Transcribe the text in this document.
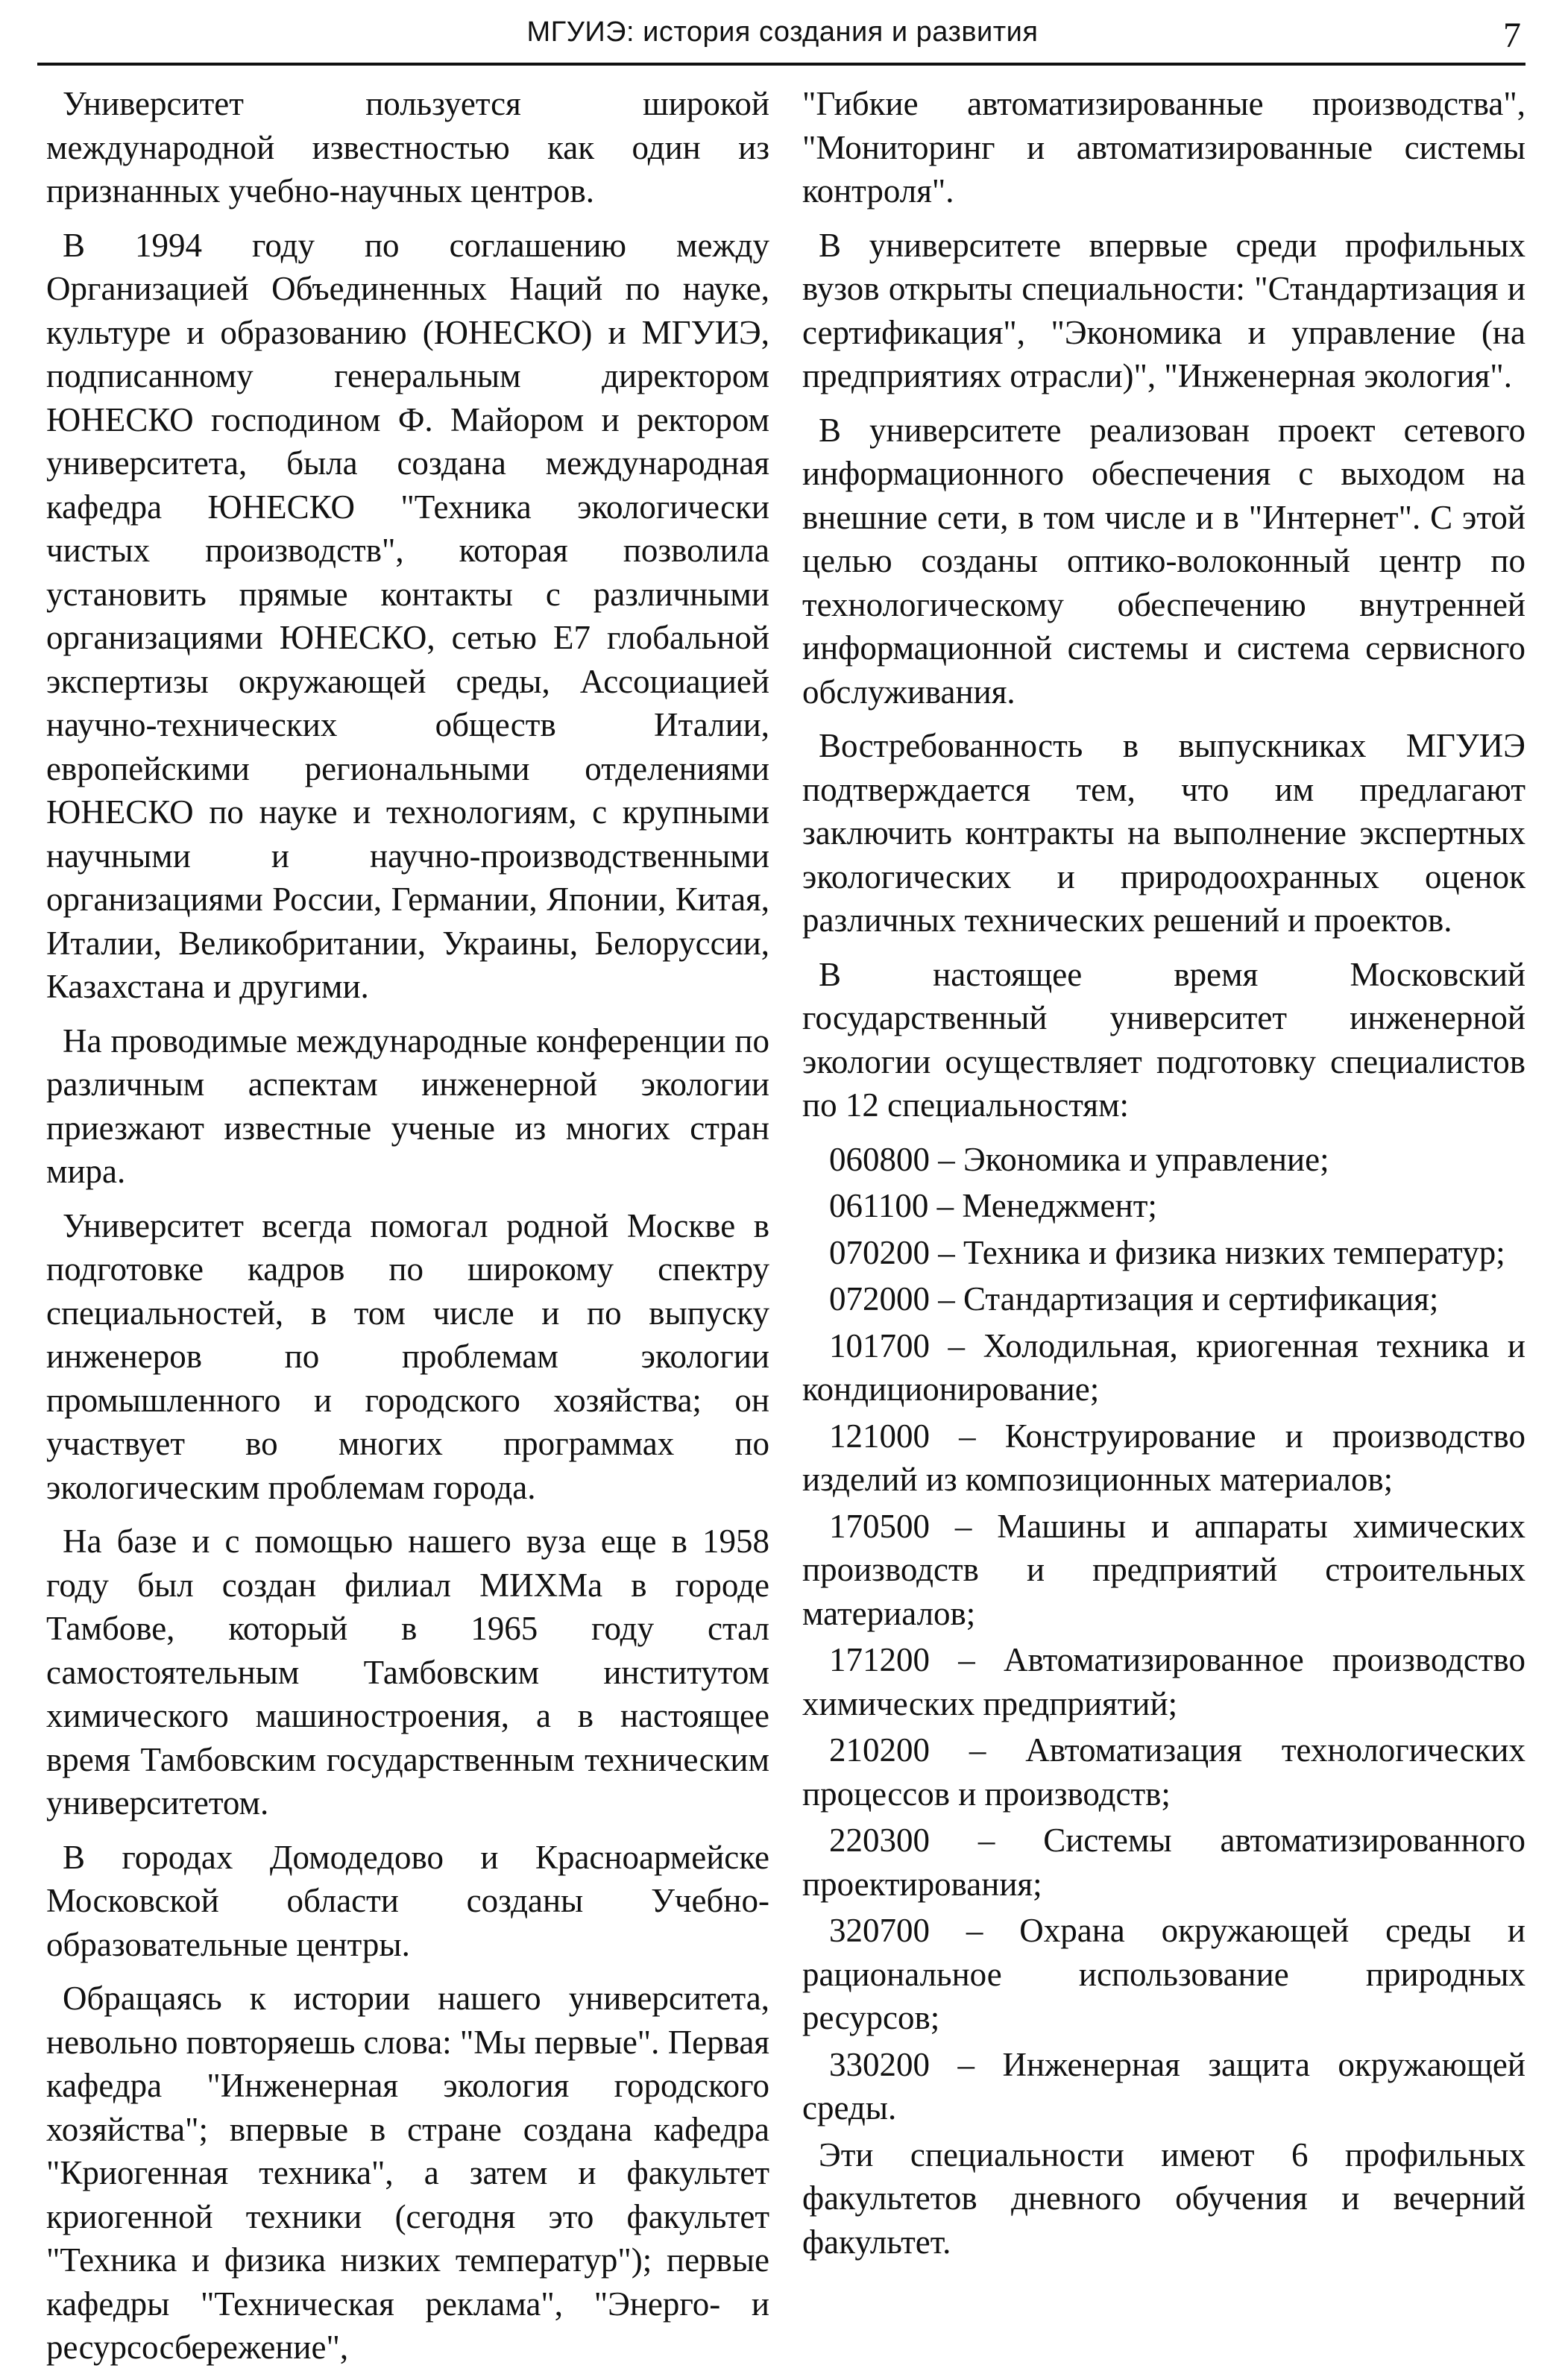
МГУИЭ: история создания и развития	7

Университет пользуется широкой международной известностью как один из признанных учебно-научных центров.

В 1994 году по соглашению между Организацией Объединенных Наций по науке, культуре и образованию (ЮНЕСКО) и МГУИЭ, подписанному генеральным директором ЮНЕСКО господином Ф. Майором и ректором университета, была создана международная кафедра ЮНЕСКО "Техника экологически чистых производств", которая позволила установить прямые контакты с различными организациями ЮНЕСКО, сетью Е7 глобальной экспертизы окружающей среды, Ассоциацией научно-технических обществ Италии, европейскими региональными отделениями ЮНЕСКО по науке и технологиям, с крупными научными и научно-производственными организациями России, Германии, Японии, Китая, Италии, Великобритании, Украины, Белоруссии, Казахстана и другими.

На проводимые международные конференции по различным аспектам инженерной экологии приезжают известные ученые из многих стран мира.

Университет всегда помогал родной Москве в подготовке кадров по широкому спектру специальностей, в том числе и по выпуску инженеров по проблемам экологии промышленного и городского хозяйства; он участвует во многих программах по экологическим проблемам города.

На базе и с помощью нашего вуза еще в 1958 году был создан филиал МИХМа в городе Тамбове, который в 1965 году стал самостоятельным Тамбовским институтом химического машиностроения, а в настоящее время Тамбовским государственным техническим университетом.

В городах Домодедово и Красноармейске Московской области созданы Учебно-образовательные центры.

Обращаясь к истории нашего университета, невольно повторяешь слова: "Мы первые". Первая кафедра "Инженерная экология городского хозяйства"; впервые в стране создана кафедра "Криогенная техника", а затем и факультет криогенной техники (сегодня это факультет "Техника и физика низких температур"); первые кафедры "Техническая реклама", "Энерго- и ресурсосбережение",

"Гибкие автоматизированные производства", "Мониторинг и автоматизированные системы контроля".

В университете впервые среди профильных вузов открыты специальности: "Стандартизация и сертификация", "Экономика и управление (на предприятиях отрасли)", "Инженерная экология".

В университете реализован проект сетевого информационного обеспечения с выходом на внешние сети, в том числе и в "Интернет". С этой целью созданы оптико-волоконный центр по технологическому обеспечению внутренней информационной системы и система сервисного обслуживания.

Востребованность в выпускниках МГУИЭ подтверждается тем, что им предлагают заключить контракты на выполнение экспертных экологических и природоохранных оценок различных технических решений и проектов.

В настоящее время Московский государственный университет инженерной экологии осуществляет подготовку специалистов по 12 специальностям:

060800 – Экономика и управление;

061100 – Менеджмент;

070200 – Техника и физика низких температур;

072000 – Стандартизация и сертификация;

101700 – Холодильная, криогенная техника и кондиционирование;

121000 – Конструирование и производство изделий из композиционных материалов;

170500 – Машины и аппараты химических производств и предприятий строительных материалов;

171200 – Автоматизированное производство химических предприятий;

210200 – Автоматизация технологических процессов и производств;

220300 – Системы автоматизированного проектирования;

320700 – Охрана окружающей среды и рациональное использование природных ресурсов;

330200 – Инженерная защита окружающей среды.

Эти специальности имеют 6 профильных факультетов дневного обучения и вечерний факультет.
